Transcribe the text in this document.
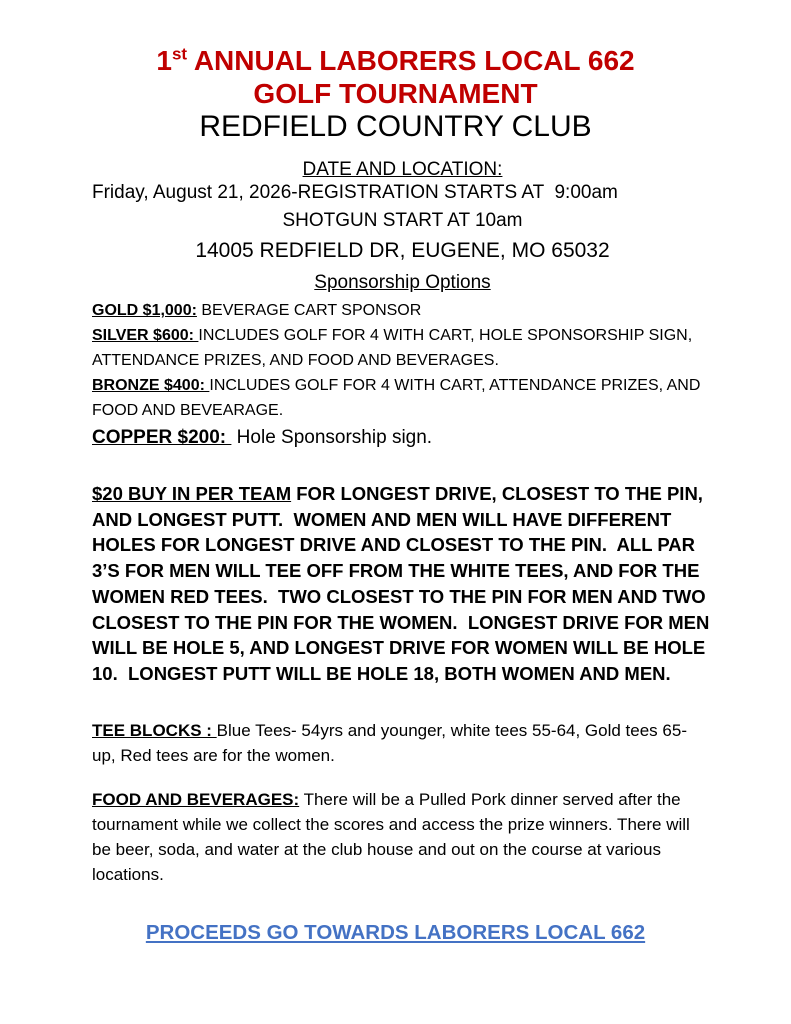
1st ANNUAL LABORERS LOCAL 662
GOLF TOURNAMENT
REDFIELD COUNTRY CLUB

DATE AND LOCATION:

Friday, August 21, 2026-REGISTRATION STARTS AT  9:00am

SHOTGUN START AT 10am

14005 REDFIELD DR, EUGENE, MO 65032

Sponsorship Options

GOLD $1,000: BEVERAGE CART SPONSOR

SILVER $600: INCLUDES GOLF FOR 4 WITH CART, HOLE SPONSORSHIP SIGN, ATTENDANCE PRIZES, AND FOOD AND BEVERAGES.

BRONZE $400: INCLUDES GOLF FOR 4 WITH CART, ATTENDANCE PRIZES, AND FOOD AND BEVEARAGE.

COPPER $200:  Hole Sponsorship sign.

$20 BUY IN PER TEAM FOR LONGEST DRIVE, CLOSEST TO THE PIN, AND LONGEST PUTT.  WOMEN AND MEN WILL HAVE DIFFERENT HOLES FOR LONGEST DRIVE AND CLOSEST TO THE PIN.  ALL PAR 3’S FOR MEN WILL TEE OFF FROM THE WHITE TEES, AND FOR THE WOMEN RED TEES.  TWO CLOSEST TO THE PIN FOR MEN AND TWO CLOSEST TO THE PIN FOR THE WOMEN.  LONGEST DRIVE FOR MEN WILL BE HOLE 5, AND LONGEST DRIVE FOR WOMEN WILL BE HOLE 10.  LONGEST PUTT WILL BE HOLE 18, BOTH WOMEN AND MEN.

TEE BLOCKS : Blue Tees- 54yrs and younger, white tees 55-64, Gold tees 65- up, Red tees are for the women.

FOOD AND BEVERAGES: There will be a Pulled Pork dinner served after the tournament while we collect the scores and access the prize winners. There will be beer, soda, and water at the club house and out on the course at various locations.

PROCEEDS GO TOWARDS LABORERS LOCAL 662
